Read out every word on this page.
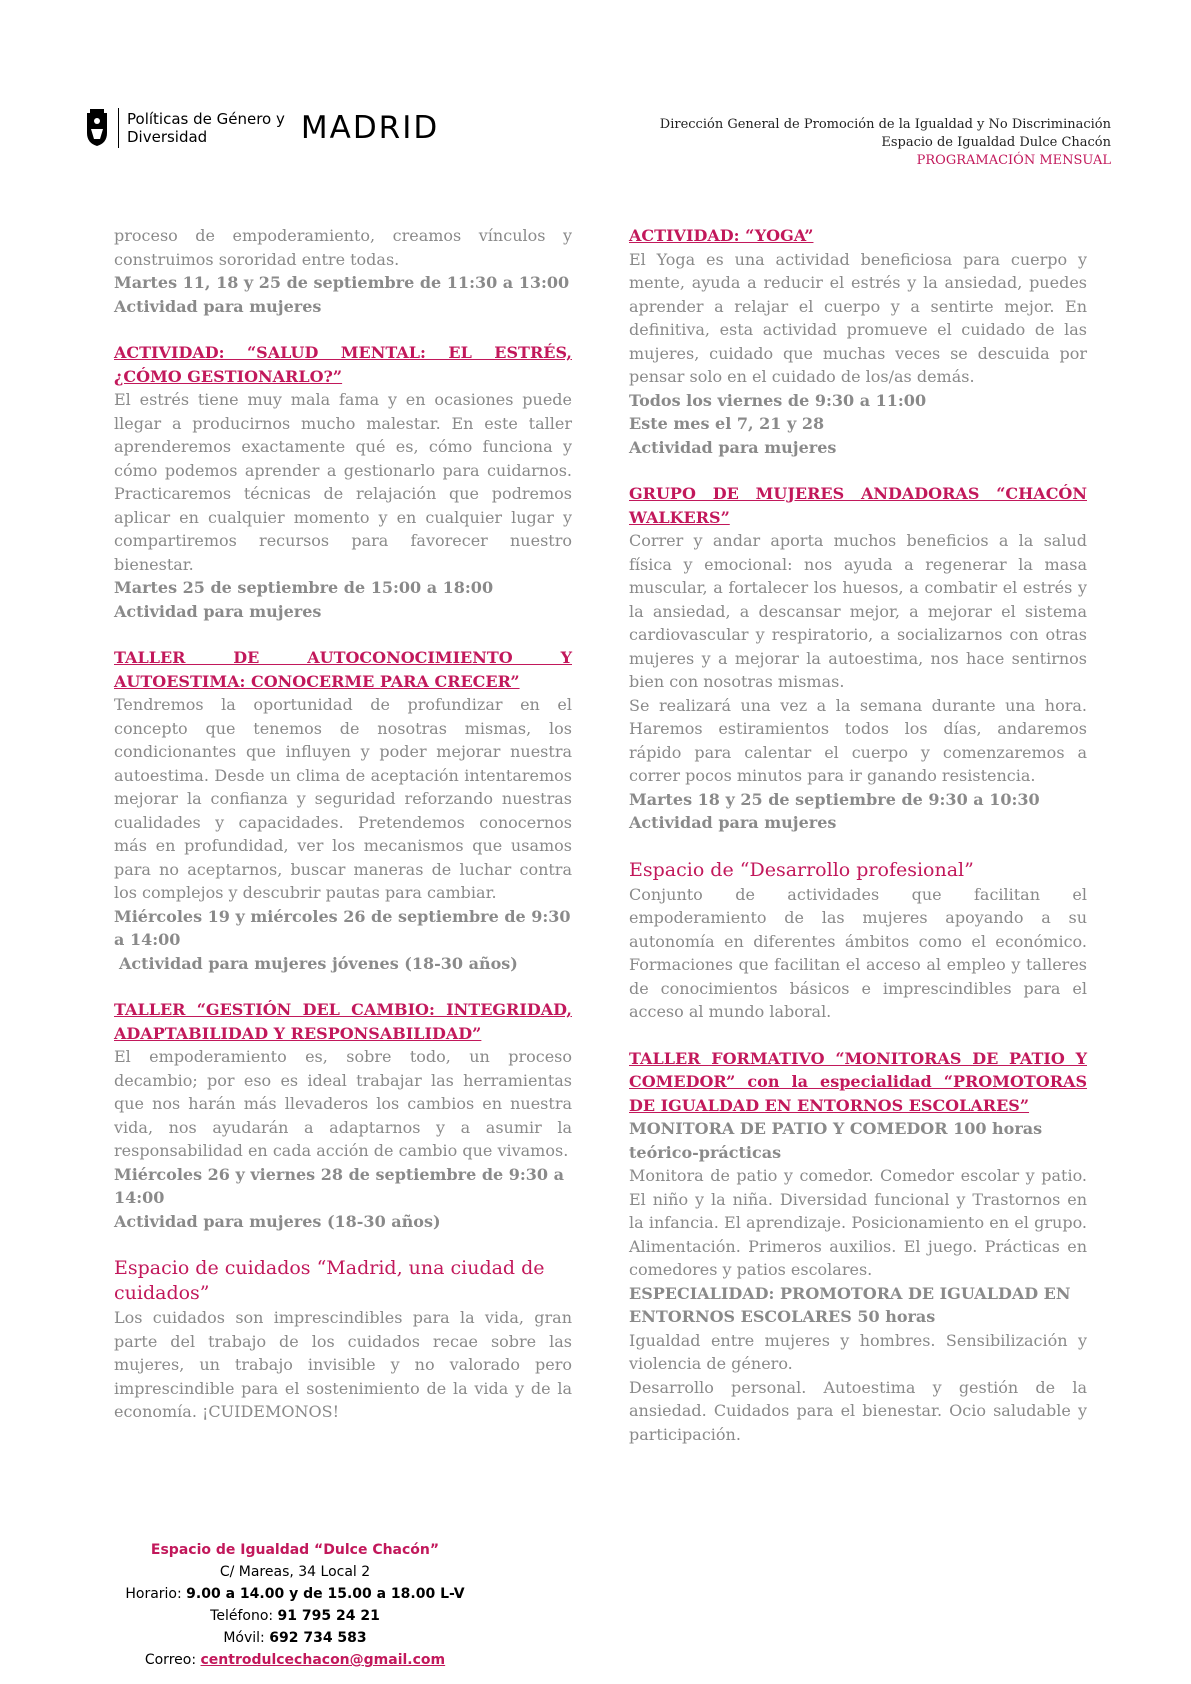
Políticas de Género y
Diversidad	MADRID	Dirección General de Promoción de la Igualdad y No Discriminación
Espacio de Igualdad Dulce Chacón
PROGRAMACIÓN MENSUAL

proceso de empoderamiento, creamos vínculos y construimos sororidad entre todas.

Martes 11, 18 y 25 de septiembre de 11:30 a 13:00

Actividad para mujeres

ACTIVIDAD: “SALUD MENTAL: EL ESTRÉS, ¿CÓMO GESTIONARLO?”

El estrés tiene muy mala fama y en ocasiones puede llegar a producirnos mucho malestar. En este taller aprenderemos exactamente qué es, cómo funciona y cómo podemos aprender a gestionarlo para cuidarnos. Practicaremos técnicas de relajación que podremos aplicar en cualquier momento y en cualquier lugar y compartiremos recursos para favorecer nuestro bienestar.

Martes 25 de septiembre de 15:00 a 18:00

Actividad para mujeres

TALLER DE AUTOCONOCIMIENTO Y AUTOESTIMA: CONOCERME PARA CRECER”

Tendremos la oportunidad de profundizar en el concepto que tenemos de nosotras mismas, los condicionantes que influyen y poder mejorar nuestra autoestima. Desde un clima de aceptación intentaremos mejorar la confianza y seguridad reforzando nuestras cualidades y capacidades. Pretendemos conocernos más en profundidad, ver los mecanismos que usamos para no aceptarnos, buscar maneras de luchar contra los complejos y descubrir pautas para cambiar.

Miércoles 19 y miércoles 26 de septiembre de 9:30 a 14:00

Actividad para mujeres jóvenes (18-30 años)

TALLER “GESTIÓN DEL CAMBIO: INTEGRIDAD, ADAPTABILIDAD Y RESPONSABILIDAD”

El empoderamiento es, sobre todo, un proceso decambio; por eso es ideal trabajar las herramientas que nos harán más llevaderos los cambios en nuestra vida, nos ayudarán a adaptarnos y a asumir la responsabilidad en cada acción de cambio que vivamos.

Miércoles 26 y viernes 28 de septiembre de 9:30 a 14:00

Actividad para mujeres (18-30 años)

Espacio de cuidados “Madrid, una ciudad de cuidados”

Los cuidados son imprescindibles para la vida, gran parte del trabajo de los cuidados recae sobre las mujeres, un trabajo invisible y no valorado pero imprescindible para el sostenimiento de la vida y de la economía. ¡CUIDEMONOS!

ACTIVIDAD: “YOGA”

El Yoga es una actividad beneficiosa para cuerpo y mente, ayuda a reducir el estrés y la ansiedad, puedes aprender a relajar el cuerpo y a sentirte mejor. En definitiva, esta actividad promueve el cuidado de las mujeres, cuidado que muchas veces se descuida por pensar solo en el cuidado de los/as demás.

Todos los viernes de 9:30 a 11:00

Este mes el 7, 21 y 28

Actividad para mujeres

GRUPO DE MUJERES ANDADORAS “CHACÓN WALKERS”

Correr y andar aporta muchos beneficios a la salud física y emocional: nos ayuda a regenerar la masa muscular, a fortalecer los huesos, a combatir el estrés y la ansiedad, a descansar mejor, a mejorar el sistema cardiovascular y respiratorio, a socializarnos con otras mujeres y a mejorar la autoestima, nos hace sentirnos bien con nosotras mismas.

Se realizará una vez a la semana durante una hora. Haremos estiramientos todos los días, andaremos rápido para calentar el cuerpo y comenzaremos a correr pocos minutos para ir ganando resistencia.

Martes 18 y 25 de septiembre de 9:30 a 10:30

Actividad para mujeres

Espacio de “Desarrollo profesional”

Conjunto de actividades que facilitan el empoderamiento de las mujeres apoyando a su autonomía en diferentes ámbitos como el económico. Formaciones que facilitan el acceso al empleo y talleres de conocimientos básicos e imprescindibles para el acceso al mundo laboral.

TALLER FORMATIVO “MONITORAS DE PATIO Y COMEDOR” con la especialidad “PROMOTORAS DE IGUALDAD EN ENTORNOS ESCOLARES”

MONITORA DE PATIO Y COMEDOR 100 horas teórico-prácticas

Monitora de patio y comedor. Comedor escolar y patio. El niño y la niña. Diversidad funcional y Trastornos en la infancia. El aprendizaje. Posicionamiento en el grupo. Alimentación. Primeros auxilios. El juego. Prácticas en comedores y patios escolares.

ESPECIALIDAD: PROMOTORA DE IGUALDAD EN ENTORNOS ESCOLARES 50 horas

Igualdad entre mujeres y hombres. Sensibilización y violencia de género.

Desarrollo personal. Autoestima y gestión de la ansiedad. Cuidados para el bienestar. Ocio saludable y participación.

Espacio de Igualdad “Dulce Chacón”
C/ Mareas, 34 Local 2
Horario: 9.00 a 14.00 y de 15.00 a 18.00 L-V
Teléfono: 91 795 24 21
Móvil: 692 734 583
Correo: centrodulcechacon@gmail.com
